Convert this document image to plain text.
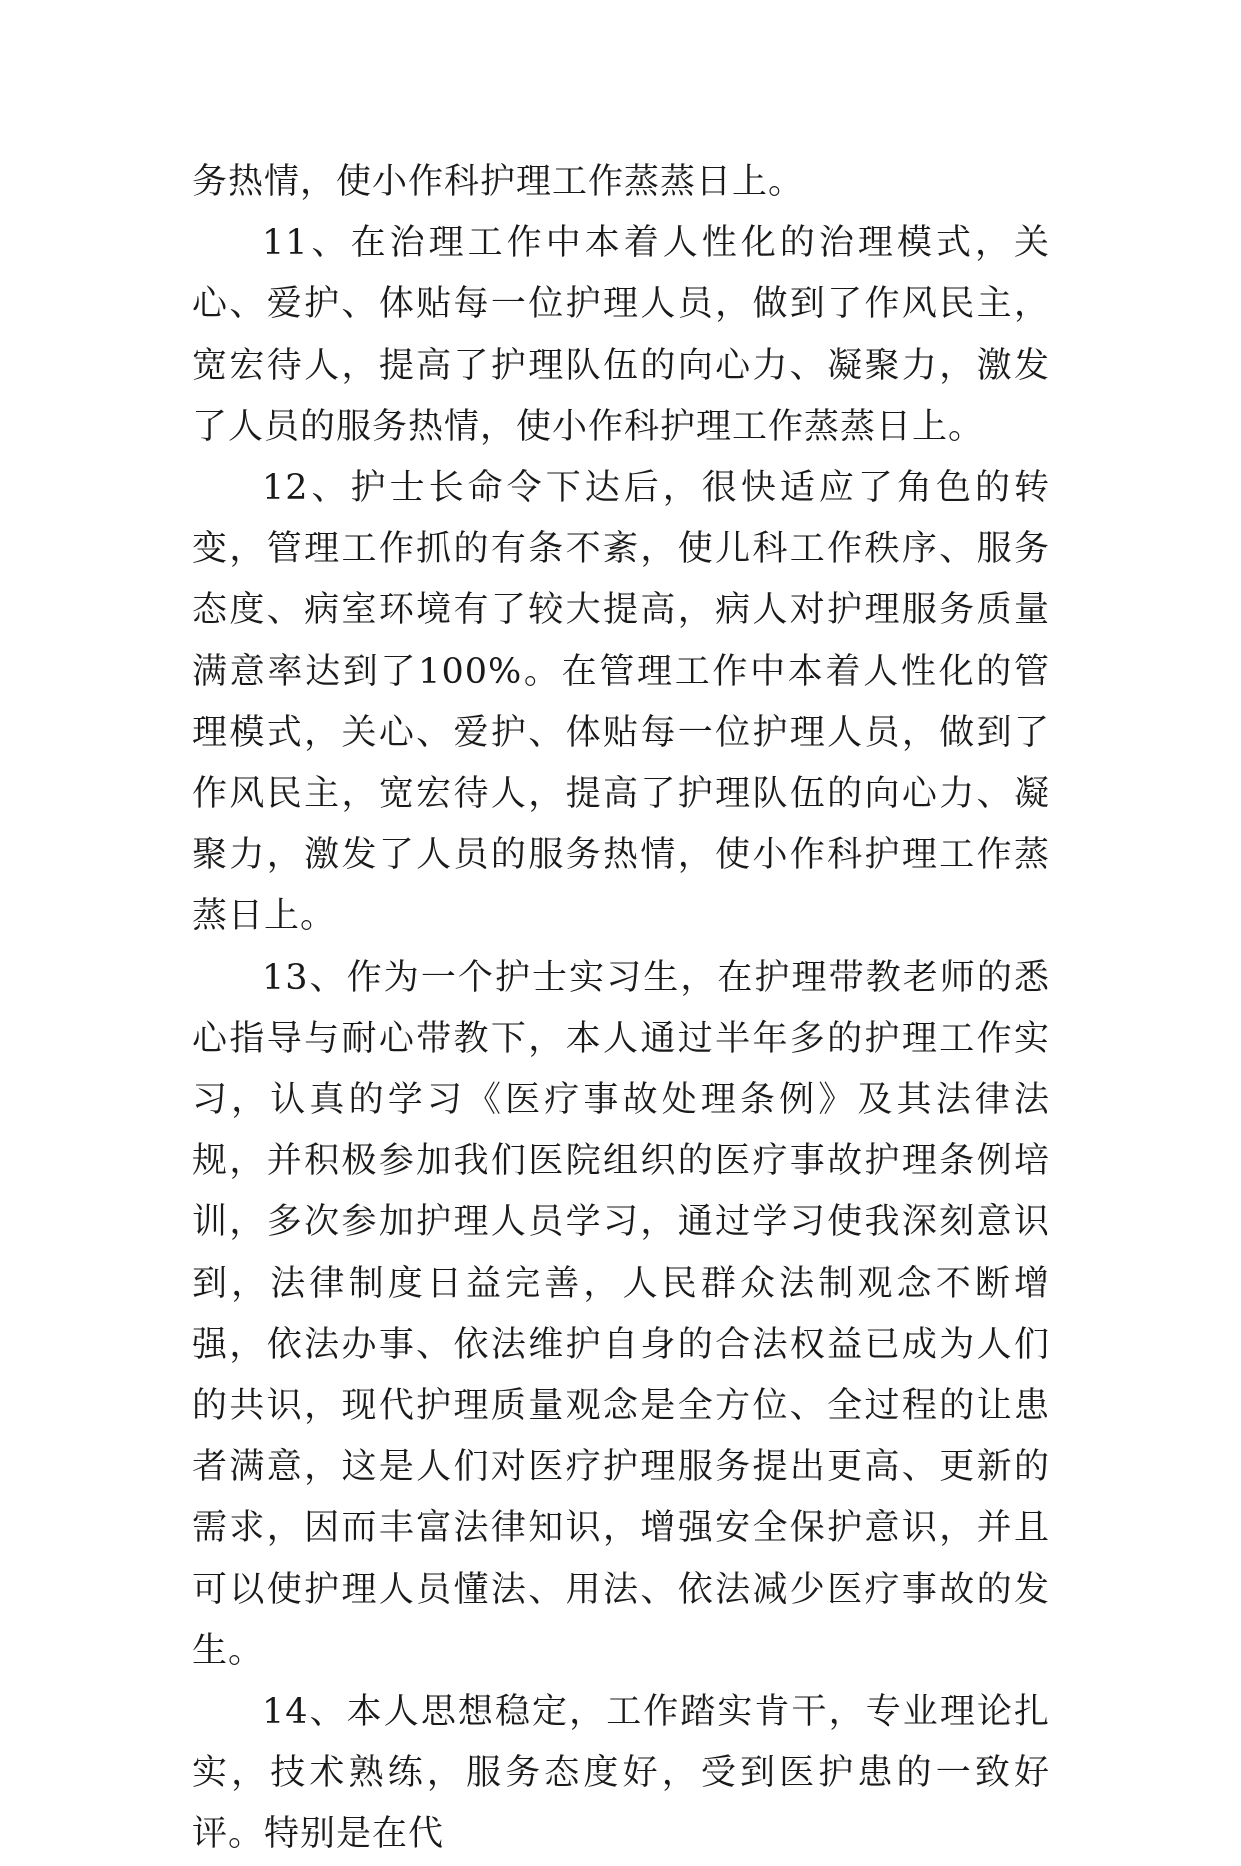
务热情，使小作科护理工作蒸蒸日上。

11、在治理工作中本着人性化的治理模式，关心、爱护、体贴每一位护理人员，做到了作风民主，宽宏待人，提高了护理队伍的向心力、凝聚力，激发了人员的服务热情，使小作科护理工作蒸蒸日上。

12、护士长命令下达后，很快适应了角色的转变，管理工作抓的有条不紊，使儿科工作秩序、服务态度、病室环境有了较大提高，病人对护理服务质量满意率达到了100%。在管理工作中本着人性化的管理模式，关心、爱护、体贴每一位护理人员，做到了作风民主，宽宏待人，提高了护理队伍的向心力、凝聚力，激发了人员的服务热情，使小作科护理工作蒸蒸日上。

13、作为一个护士实习生，在护理带教老师的悉心指导与耐心带教下，本人通过半年多的护理工作实习，认真的学习《医疗事故处理条例》及其法律法规，并积极参加我们医院组织的医疗事故护理条例培训，多次参加护理人员学习，通过学习使我深刻意识到，法律制度日益完善，人民群众法制观念不断增强，依法办事、依法维护自身的合法权益已成为人们的共识，现代护理质量观念是全方位、全过程的让患者满意，这是人们对医疗护理服务提出更高、更新的需求，因而丰富法律知识，增强安全保护意识，并且可以使护理人员懂法、用法、依法减少医疗事故的发生。

14、本人思想稳定，工作踏实肯干，专业理论扎实，技术熟练，服务态度好，受到医护患的一致好评。特别是在代
